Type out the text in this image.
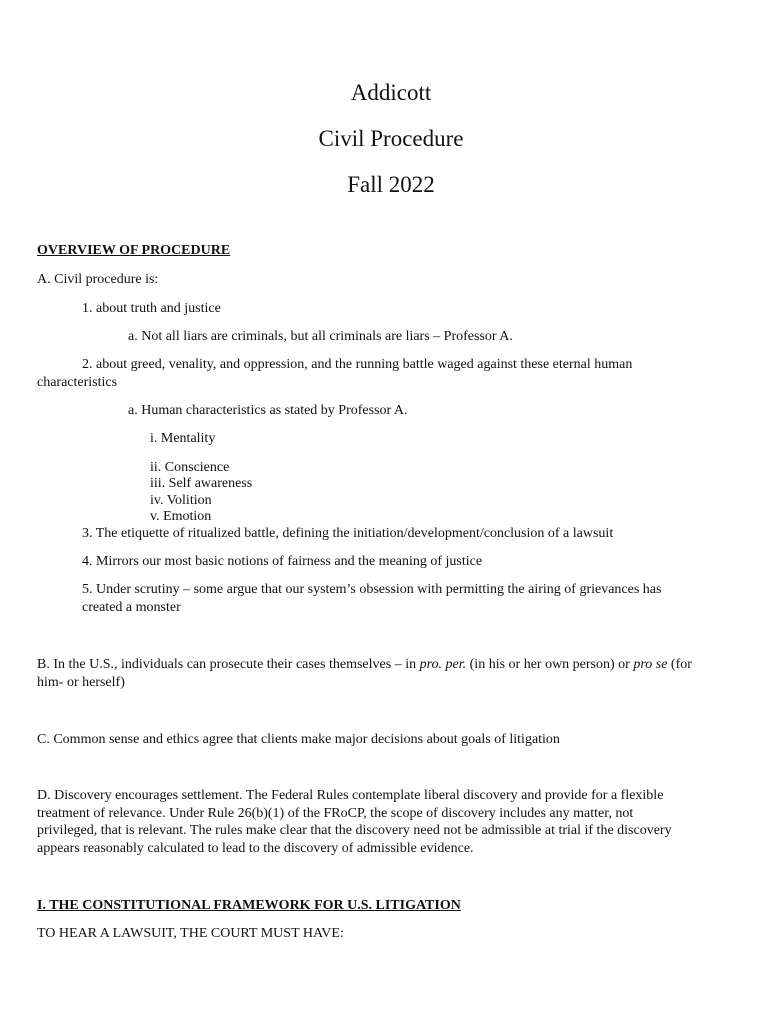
Addicott
Civil Procedure
Fall 2022

OVERVIEW OF PROCEDURE

A. Civil procedure is:

1. about truth and justice

a. Not all liars are criminals, but all criminals are liars – Professor A.

2. about greed, venality, and oppression, and the running battle waged against these eternal human characteristics

a. Human characteristics as stated by Professor A.

i. Mentality

ii. Conscience

iii. Self awareness

iv. Volition

v. Emotion

3. The etiquette of ritualized battle, defining the initiation/development/conclusion of a lawsuit

4. Mirrors our most basic notions of fairness and the meaning of justice

5. Under scrutiny – some argue that our system’s obsession with permitting the airing of grievances has created a monster

B. In the U.S., individuals can prosecute their cases themselves – in pro. per. (in his or her own person) or pro se (for him- or herself)

C. Common sense and ethics agree that clients make major decisions about goals of litigation

D. Discovery encourages settlement. The Federal Rules contemplate liberal discovery and provide for a flexible treatment of relevance. Under Rule 26(b)(1) of the FRoCP, the scope of discovery includes any matter, not privileged, that is relevant. The rules make clear that the discovery need not be admissible at trial if the discovery appears reasonably calculated to lead to the discovery of admissible evidence.

I. THE CONSTITUTIONAL FRAMEWORK FOR U.S. LITIGATION

TO HEAR A LAWSUIT, THE COURT MUST HAVE:
